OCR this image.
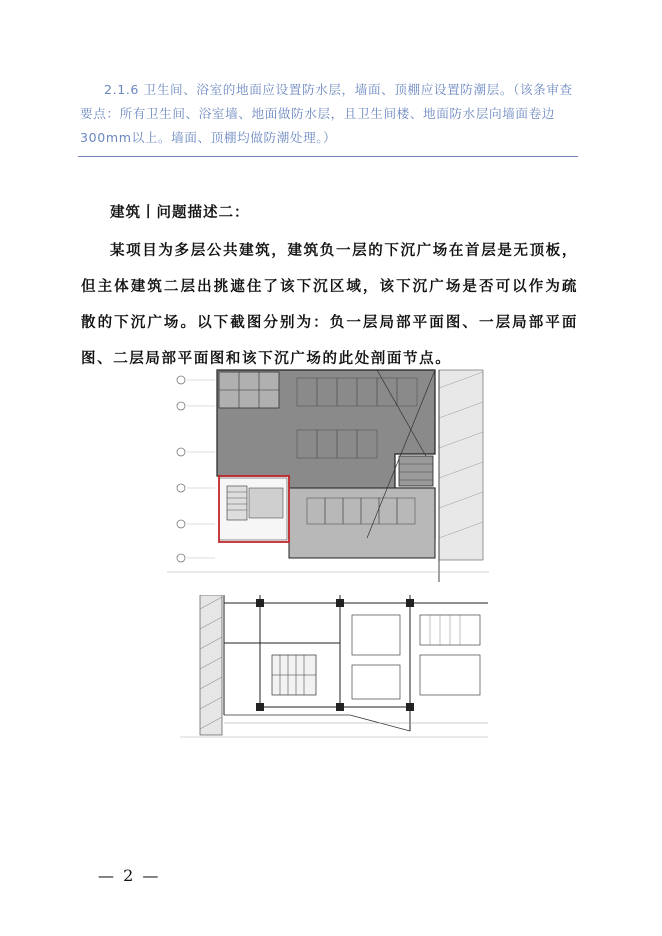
2.1.6 卫生间、浴室的地面应设置防水层，墙面、顶棚应设置防潮层。（该条审查要点：所有卫生间、浴室墙、地面做防水层，且卫生间楼、地面防水层向墙面卷边300mm以上。墙面、顶棚均做防潮处理。）
建筑丨问题描述二：
某项目为多层公共建筑，建筑负一层的下沉广场在首层是无顶板，但主体建筑二层出挑遮住了该下沉区域，该下沉广场是否可以作为疏散的下沉广场。以下截图分别为：负一层局部平面图、一层局部平面图、二层局部平面图和该下沉广场的此处剖面节点。
— 2 —
